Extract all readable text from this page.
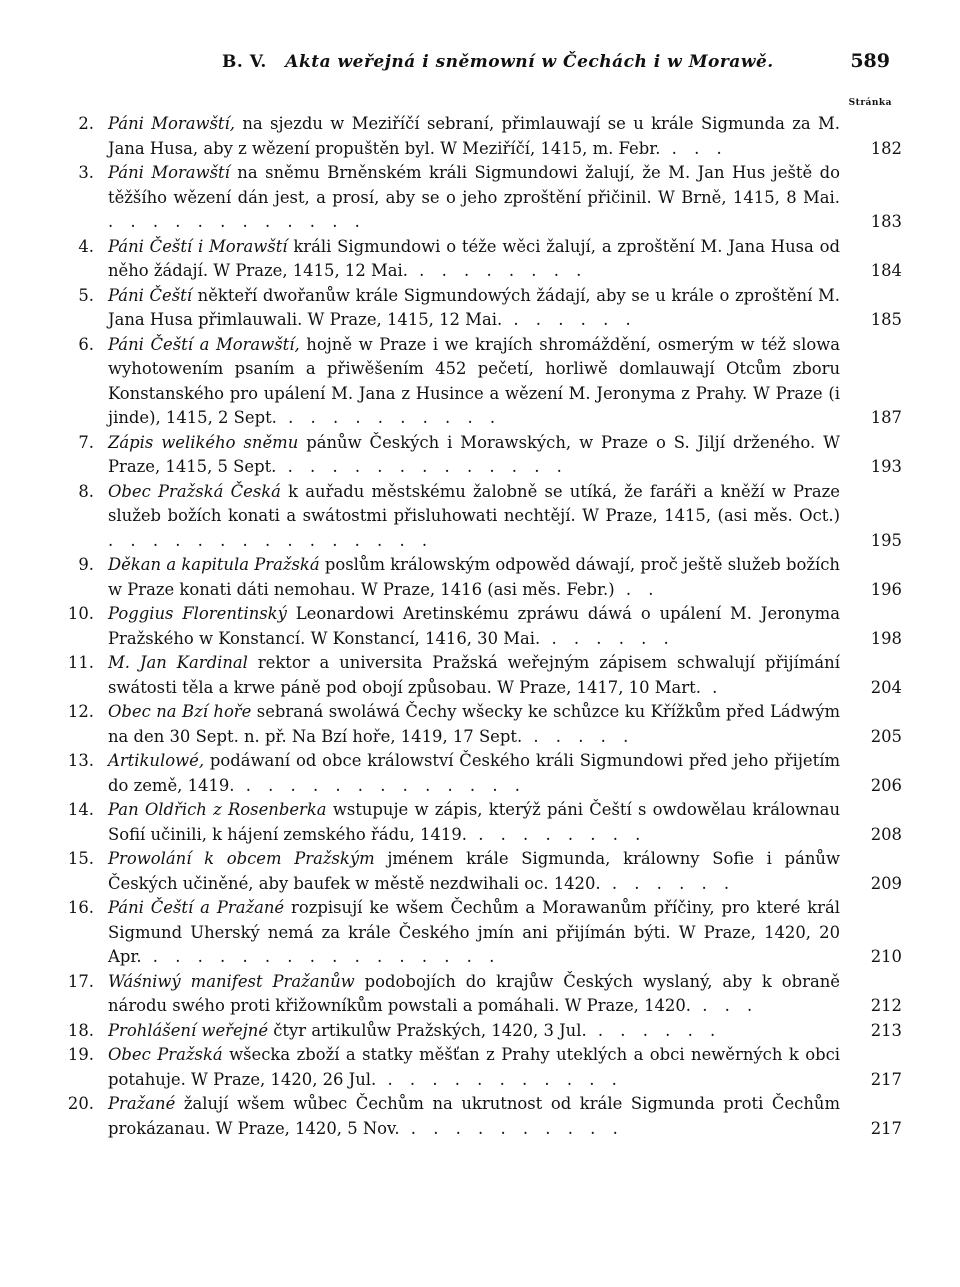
B. V. Akta weřejná i sněmowní w Čechách i w Morawě.	589
Stránka
2. Páni Morawští, na sjezdu w Meziříčí sebraní, přimlauwají se u krále Sigmunda za M. Jana Husa, aby z wězení propuštěn byl. W Meziříčí, 1415, m. Febr. . . .	182
3. Páni Morawští na sněmu Brněnském králi Sigmundowi žalují, že M. Jan Hus ještě do těžšího wězení dán jest, a prosí, aby se o jeho zproštění přičinil. W Brně, 1415, 8 Mai. . . . . . . . . . . . .	183
4. Páni Čeští i Morawští králi Sigmundowi o téže wěci žalují, a zproštění M. Jana Husa od něho žádají. W Praze, 1415, 12 Mai. . . . . . . . .	184
5. Páni Čeští někteří dwořanůw krále Sigmundowých žádají, aby se u krále o zproštění M. Jana Husa přimlauwali. W Praze, 1415, 12 Mai. . . . . . .	185
6. Páni Čeští a Morawští, hojně w Praze i we krajích shromáždění, osmerým w též slowa wyhotowením psaním a přiwěšením 452 pečetí, horliwě domlauwají Otcům zboru Konstanského pro upálení M. Jana z Husince a wězení M. Jeronyma z Prahy. W Praze (i jinde), 1415, 2 Sept. . . . . . . . . . .	187
7. Zápis welikého sněmu pánůw Českých i Morawských, w Praze o S. Jiljí drženého. W Praze, 1415, 5 Sept. . . . . . . . . . . . . .	193
8. Obec Pražská Česká k auřadu městskému žalobně se utíká, že faráři a kněží w Praze služeb božích konati a swátostmi přisluhowati nechtějí. W Praze, 1415, (asi měs. Oct.) . . . . . . . . . . . . . . .	195
9. Děkan a kapitula Pražská poslům králowským odpowěd dáwají, proč ještě služeb božích w Praze konati dáti nemohau. W Praze, 1416 (asi měs. Febr.) . .	196
10. Poggius Florentinský Leonardowi Aretinskému zpráwu dáwá o upálení M. Jeronyma Pražského w Konstancí. W Konstancí, 1416, 30 Mai. . . . . . .	198
11. M. Jan Kardinal rektor a universita Pražská weřejným zápisem schwalují přijímání swátosti těla a krwe páně pod obojí způsobau. W Praze, 1417, 10 Mart. .	204
12. Obec na Bzí hoře sebraná swoláwá Čechy wšecky ke schůzce ku Křížkům před Ládwým na den 30 Sept. n. př. Na Bzí hoře, 1419, 17 Sept. . . . . .	205
13. Artikulowé, podáwaní od obce králowství Českého králi Sigmundowi před jeho přijetím do země, 1419. . . . . . . . . . . . . .	206
14. Pan Oldřich z Rosenberka wstupuje w zápis, kterýž páni Čeští s owdowělau králownau Sofií učinili, k hájení zemského řádu, 1419. . . . . . . . .	208
15. Prowolání k obcem Pražským jménem krále Sigmunda, králowny Sofie i pánůw Českých učiněné, aby baufek w městě nezdwihali oc. 1420. . . . . . .	209
16. Páni Čeští a Pražané rozpisují ke wšem Čechům a Morawanům příčiny, pro které král Sigmund Uherský nemá za krále Českého jmín ani přijímán býti. W Praze, 1420, 20 Apr. . . . . . . . . . . . . . . . .	210
17. Wáśniwý manifest Pražanůw podobojích do krajůw Českých wyslaný, aby k obraně národu swého proti křižowníkům powstali a pomáhali. W Praze, 1420. . . .	212
18. Prohlášení weřejné čtyr artikulůw Pražských, 1420, 3 Jul. . . . . . .	213
19. Obec Pražská wšecka zboží a statky měšťan z Prahy uteklých a obci newěrných k obci potahuje. W Praze, 1420, 26 Jul. . . . . . . . . . . .	217
20. Pražané žalují wšem wůbec Čechům na ukrutnost od krále Sigmunda proti Čechům prokázanau. W Praze, 1420, 5 Nov. . . . . . . . . . .	217
